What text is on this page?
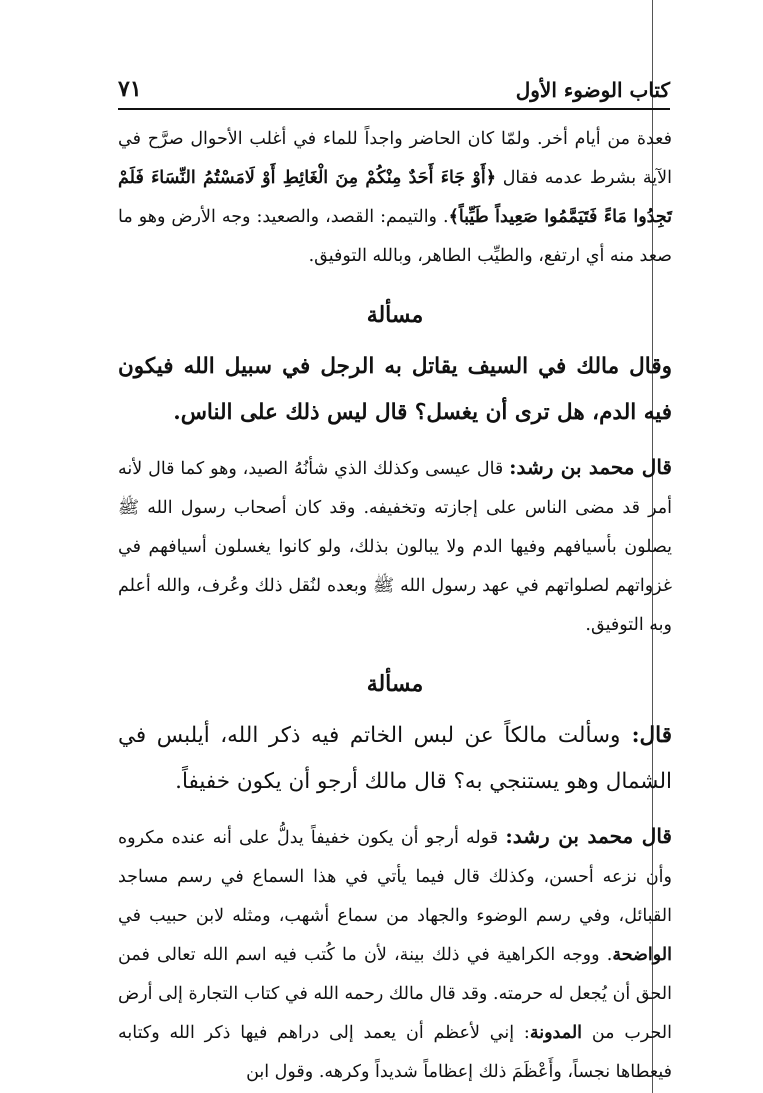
كتاب الوضوء الأول
٧١

فعدة من أيام أخر. ولمّا كان الحاضر واجداً للماء في أغلب الأحوال صرَّح في الآية بشرط عدمه فقال ﴿أَوْ جَاءَ أَحَدٌ مِنْكُمْ مِنَ الْغَائِطِ أَوْ لَامَسْتُمُ النِّسَاءَ فَلَمْ تَجِدُوا مَاءً فَتَيَمَّمُوا صَعِيداً طَيِّباً﴾. والتيمم: القصد، والصعيد: وجه الأرض وهو ما صعد منه أي ارتفع، والطيِّب الطاهر، وبالله التوفيق.

مسألة

وقال مالك في السيف يقاتل به الرجل في سبيل الله فيكون فيه الدم، هل ترى أن يغسل؟ قال ليس ذلك على الناس.

قال محمد بن رشد: قال عيسى وكذلك الذي شأنُهُ الصيد، وهو كما قال لأنه أمر قد مضى الناس على إجازته وتخفيفه. وقد كان أصحاب رسول الله ﷺ يصلون بأسيافهم وفيها الدم ولا يبالون بذلك، ولو كانوا يغسلون أسيافهم في غزواتهم لصلواتهم في عهد رسول الله ﷺ وبعده لنُقل ذلك وعُرف، والله أعلم وبه التوفيق.

مسألة

قال: وسألت مالكاً عن لبس الخاتم فيه ذكر الله، أيلبس في الشمال وهو يستنجي به؟ قال مالك أرجو أن يكون خفيفاً.

قال محمد بن رشد: قوله أرجو أن يكون خفيفاً يدلُّ على أنه عنده مكروه وأن نزعه أحسن، وكذلك قال فيما يأتي في هذا السماع في رسم مساجد القبائل، وفي رسم الوضوء والجهاد من سماع أشهب، ومثله لابن حبيب في الواضحة. ووجه الكراهية في ذلك بينة، لأن ما كُتب فيه اسم الله تعالى فمن الحق أن يُجعل له حرمته. وقد قال مالك رحمه الله في كتاب التجارة إلى أرض الحرب من المدونة: إني لأعظم أن يعمد إلى دراهم فيها ذكر الله وكتابه فيعطاها نجساً، وأَعْظَمَ ذلك إعظاماً شديداً وكرهه. وقول ابن
